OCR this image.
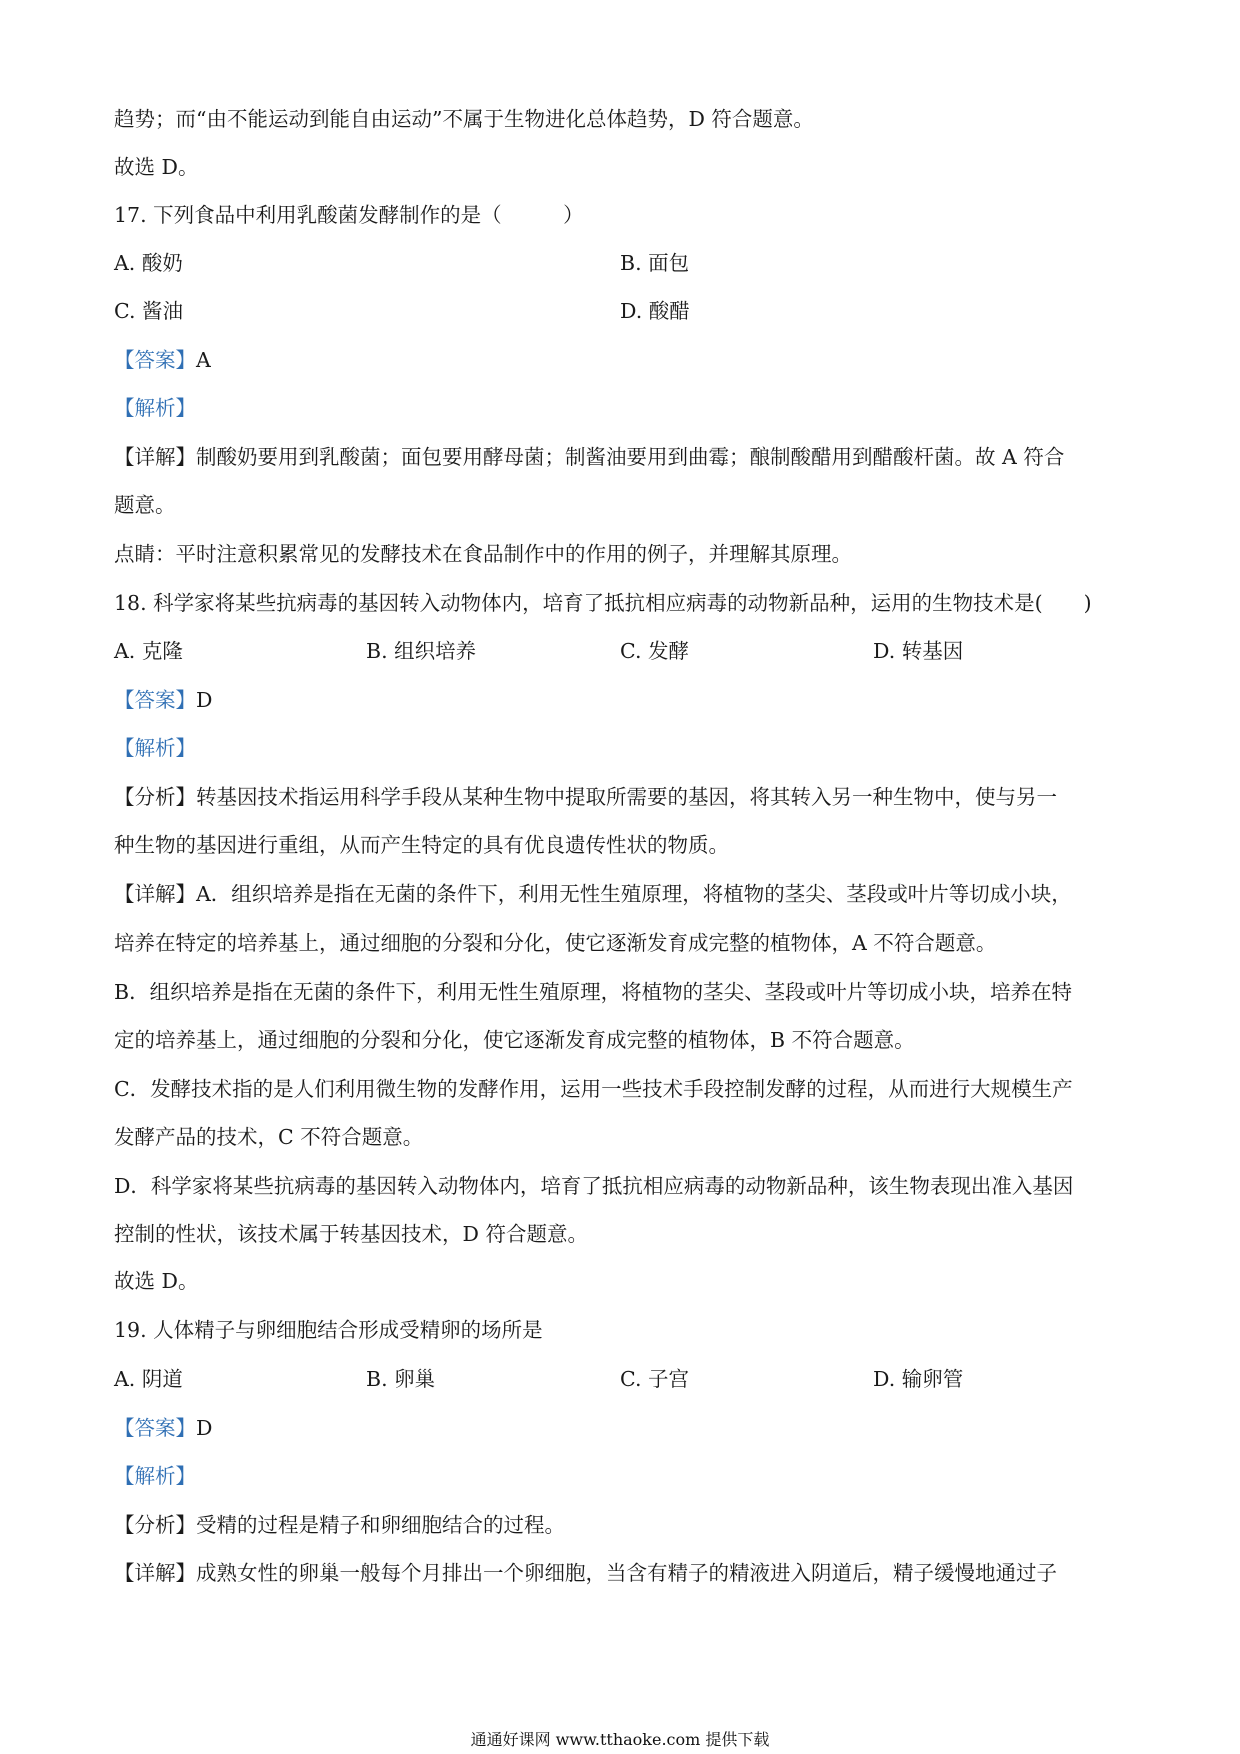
趋势；而“由不能运动到能自由运动”不属于生物进化总体趋势，D 符合题意。
故选 D。
17. 下列食品中利用乳酸菌发酵制作的是（　　　）
A. 酸奶	B. 面包
C. 酱油	D. 酸醋
【答案】A
【解析】
【详解】制酸奶要用到乳酸菌；面包要用酵母菌；制酱油要用到曲霉；酿制酸醋用到醋酸杆菌。故 A 符合
题意。
点睛：平时注意积累常见的发酵技术在食品制作中的作用的例子，并理解其原理。
18. 科学家将某些抗病毒的基因转入动物体内，培育了抵抗相应病毒的动物新品种，运用的生物技术是(　　)
A. 克隆	B. 组织培养	C. 发酵	D. 转基因
【答案】D
【解析】
【分析】转基因技术指运用科学手段从某种生物中提取所需要的基因，将其转入另一种生物中，使与另一
种生物的基因进行重组，从而产生特定的具有优良遗传性状的物质。
【详解】A．组织培养是指在无菌的条件下，利用无性生殖原理，将植物的茎尖、茎段或叶片等切成小块，
培养在特定的培养基上，通过细胞的分裂和分化，使它逐渐发育成完整的植物体，A 不符合题意。
B．组织培养是指在无菌的条件下，利用无性生殖原理，将植物的茎尖、茎段或叶片等切成小块，培养在特
定的培养基上，通过细胞的分裂和分化，使它逐渐发育成完整的植物体，B 不符合题意。
C．发酵技术指的是人们利用微生物的发酵作用，运用一些技术手段控制发酵的过程，从而进行大规模生产
发酵产品的技术，C 不符合题意。
D．科学家将某些抗病毒的基因转入动物体内，培育了抵抗相应病毒的动物新品种，该生物表现出准入基因
控制的性状，该技术属于转基因技术，D 符合题意。
故选 D。
19. 人体精子与卵细胞结合形成受精卵的场所是
A. 阴道	B. 卵巢	C. 子宫	D. 输卵管
【答案】D
【解析】
【分析】受精的过程是精子和卵细胞结合的过程。
【详解】成熟女性的卵巢一般每个月排出一个卵细胞，当含有精子的精液进入阴道后，精子缓慢地通过子
通通好课网 www.tthaoke.com 提供下载
